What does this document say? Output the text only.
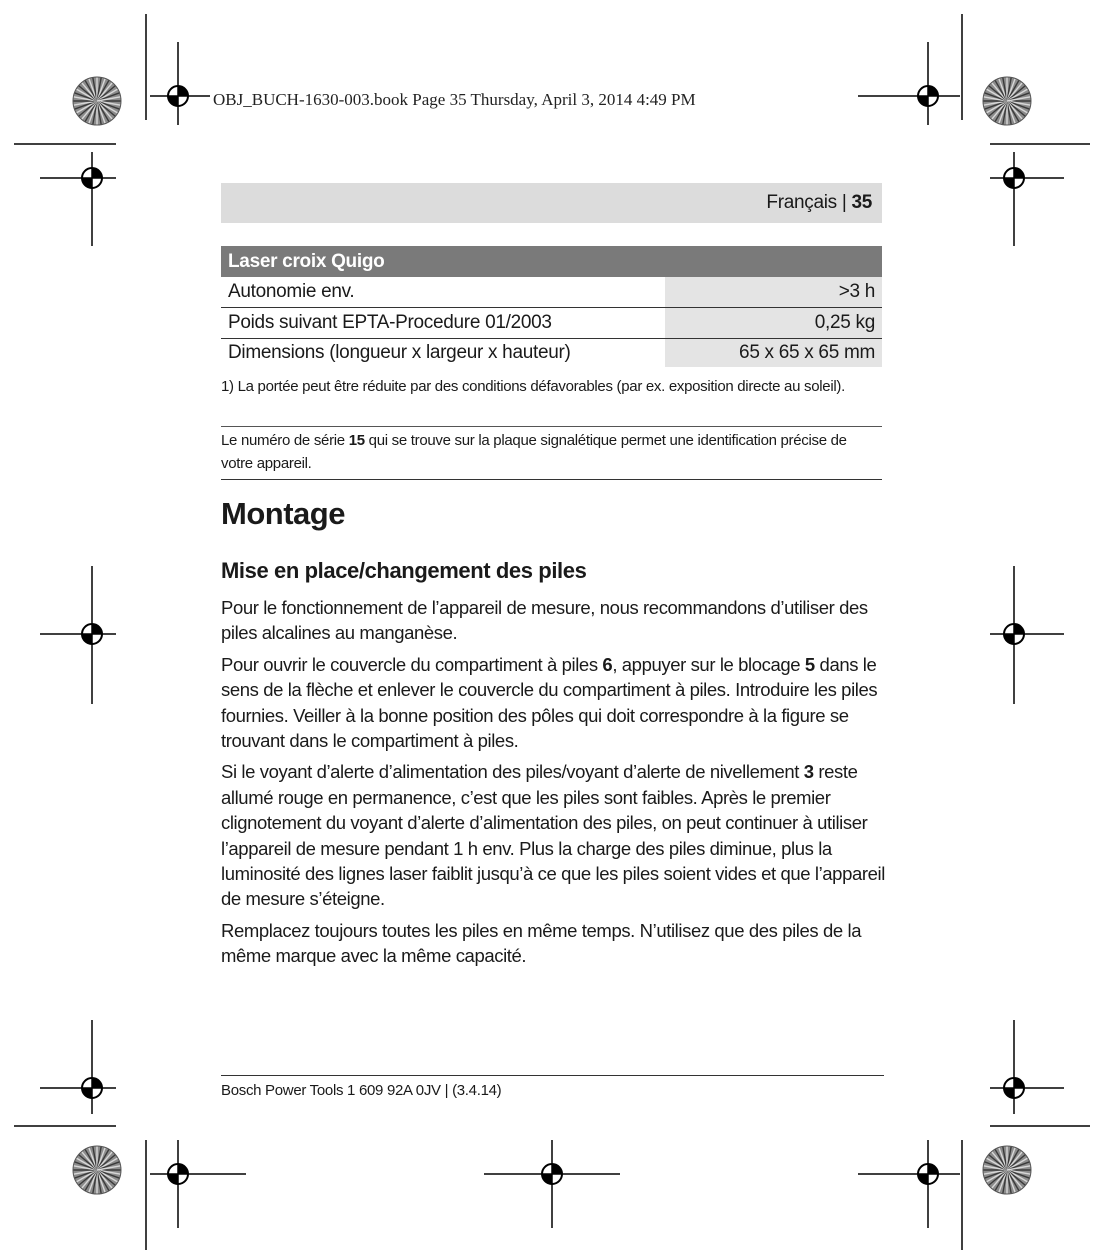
OBJ_BUCH-1630-003.book Page 35 Thursday, April 3, 2014 4:49 PM
Français | 35
Laser croix Quigo	
Autonomie env.	>3 h
Poids suivant EPTA-Procedure 01/2003	0,25 kg
Dimensions (longueur x largeur x hauteur)	65 x 65 x 65 mm
1) La portée peut être réduite par des conditions défavorables (par ex. exposition directe au soleil).
Le numéro de série 15 qui se trouve sur la plaque signalétique permet une identification précise de votre appareil.
Montage
Mise en place/changement des piles

Pour le fonctionnement de l’appareil de mesure, nous recommandons d’utiliser des piles alcalines au manganèse.

Pour ouvrir le couvercle du compartiment à piles 6, appuyer sur le blocage 5 dans le sens de la flèche et enlever le couvercle du compartiment à piles. Introduire les piles fournies. Veiller à la bonne position des pôles qui doit correspondre à la figure se trouvant dans le compartiment à piles.

Si le voyant d’alerte d’alimentation des piles/voyant d’alerte de nivellement 3 reste allumé rouge en permanence, c’est que les piles sont faibles. Après le premier clignotement du voyant d’alerte d’alimentation des piles, on peut continuer à utiliser l’appareil de mesure pendant 1 h env. Plus la charge des piles diminue, plus la luminosité des lignes laser faiblit jusqu’à ce que les piles soient vides et que l’appareil de mesure s’éteigne.

Remplacez toujours toutes les piles en même temps. N’utilisez que des piles de la même marque avec la même capacité.

Bosch Power Tools 1 609 92A 0JV | (3.4.14)
